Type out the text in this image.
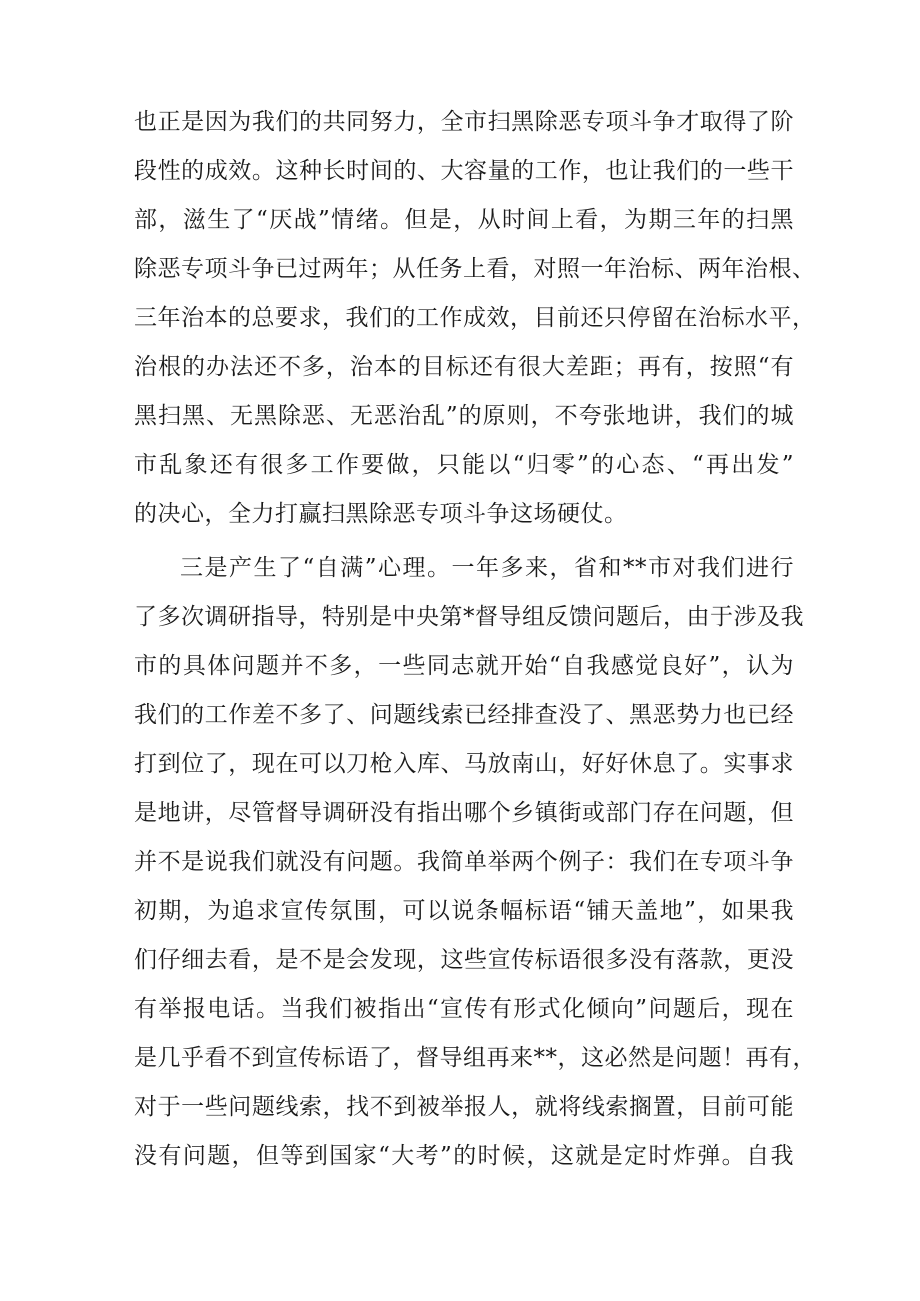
也正是因为我们的共同努力，全市扫黑除恶专项斗争才取得了阶
段性的成效。这种长时间的、大容量的工作，也让我们的一些干
部，滋生了“厌战”情绪。但是，从时间上看，为期三年的扫黑
除恶专项斗争已过两年；从任务上看，对照一年治标、两年治根、
三年治本的总要求，我们的工作成效，目前还只停留在治标水平，
治根的办法还不多，治本的目标还有很大差距；再有，按照“有
黑扫黑、无黑除恶、无恶治乱”的原则，不夸张地讲，我们的城
市乱象还有很多工作要做，只能以“归零”的心态、“再出发”
的决心，全力打赢扫黑除恶专项斗争这场硬仗。
三是产生了“自满”心理。一年多来，省和**市对我们进行
了多次调研指导，特别是中央第*督导组反馈问题后，由于涉及我
市的具体问题并不多，一些同志就开始“自我感觉良好”，认为
我们的工作差不多了、问题线索已经排查没了、黑恶势力也已经
打到位了，现在可以刀枪入库、马放南山，好好休息了。实事求
是地讲，尽管督导调研没有指出哪个乡镇街或部门存在问题，但
并不是说我们就没有问题。我简单举两个例子：我们在专项斗争
初期，为追求宣传氛围，可以说条幅标语“铺天盖地”，如果我
们仔细去看，是不是会发现，这些宣传标语很多没有落款，更没
有举报电话。当我们被指出“宣传有形式化倾向”问题后，现在
是几乎看不到宣传标语了，督导组再来**，这必然是问题！再有，
对于一些问题线索，找不到被举报人，就将线索搁置，目前可能
没有问题，但等到国家“大考”的时候，这就是定时炸弹。自我
